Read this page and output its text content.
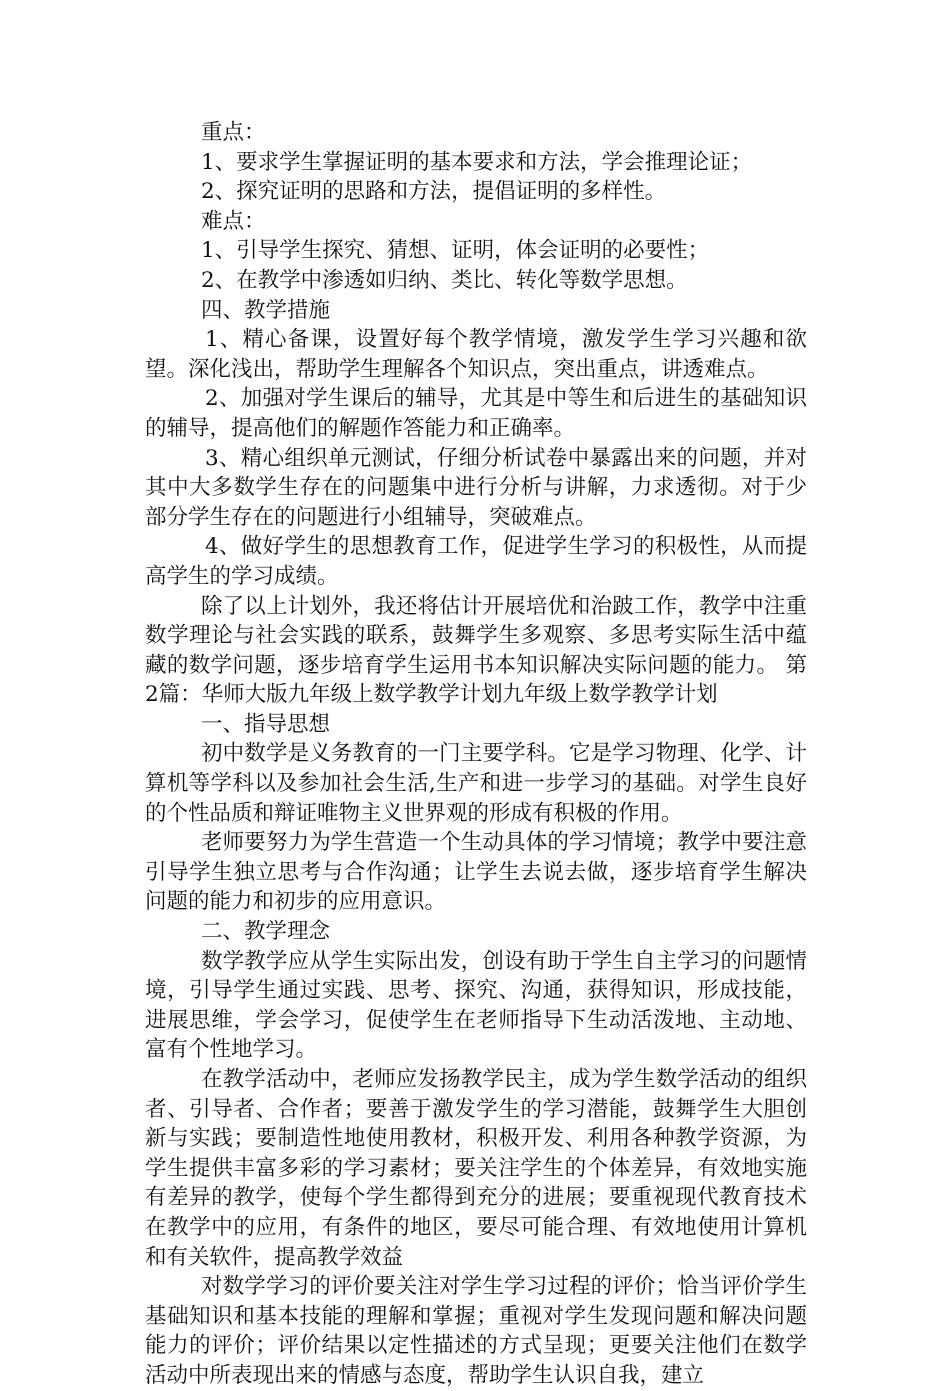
重点：

1、要求学生掌握证明的基本要求和方法，学会推理论证；

2、探究证明的思路和方法，提倡证明的多样性。

难点：

1、引导学生探究、猜想、证明，体会证明的必要性；

2、在教学中渗透如归纳、类比、转化等数学思想。

四、教学措施

1、精心备课，设置好每个教学情境，激发学生学习兴趣和欲望。深化浅出，帮助学生理解各个知识点，突出重点，讲透难点。

2、加强对学生课后的辅导，尤其是中等生和后进生的基础知识的辅导，提高他们的解题作答能力和正确率。

3、精心组织单元测试，仔细分析试卷中暴露出来的问题，并对其中大多数学生存在的问题集中进行分析与讲解，力求透彻。对于少部分学生存在的问题进行小组辅导，突破难点。

4、做好学生的思想教育工作，促进学生学习的积极性，从而提高学生的学习成绩。

除了以上计划外，我还将估计开展培优和治跛工作，教学中注重数学理论与社会实践的联系，鼓舞学生多观察、多思考实际生活中蕴藏的数学问题，逐步培育学生运用书本知识解决实际问题的能力。 第2篇：华师大版九年级上数学教学计划九年级上数学教学计划

一、指导思想

初中数学是义务教育的一门主要学科。它是学习物理、化学、计算机等学科以及参加社会生活,生产和进一步学习的基础。对学生良好的个性品质和辩证唯物主义世界观的形成有积极的作用。

老师要努力为学生营造一个生动具体的学习情境；教学中要注意引导学生独立思考与合作沟通；让学生去说去做，逐步培育学生解决问题的能力和初步的应用意识。

二、教学理念

数学教学应从学生实际出发，创设有助于学生自主学习的问题情境，引导学生通过实践、思考、探究、沟通，获得知识，形成技能，进展思维，学会学习，促使学生在老师指导下生动活泼地、主动地、富有个性地学习。

在教学活动中，老师应发扬教学民主，成为学生数学活动的组织者、引导者、合作者；要善于激发学生的学习潜能，鼓舞学生大胆创新与实践；要制造性地使用教材，积极开发、利用各种教学资源，为学生提供丰富多彩的学习素材；要关注学生的个体差异，有效地实施有差异的教学，使每个学生都得到充分的进展；要重视现代教育技术在教学中的应用，有条件的地区，要尽可能合理、有效地使用计算机和有关软件，提高教学效益

对数学学习的评价要关注对学生学习过程的评价；恰当评价学生基础知识和基本技能的理解和掌握；重视对学生发现问题和解决问题能力的评价；评价结果以定性描述的方式呈现；更要关注他们在数学活动中所表现出来的情感与态度，帮助学生认识自我，建立
